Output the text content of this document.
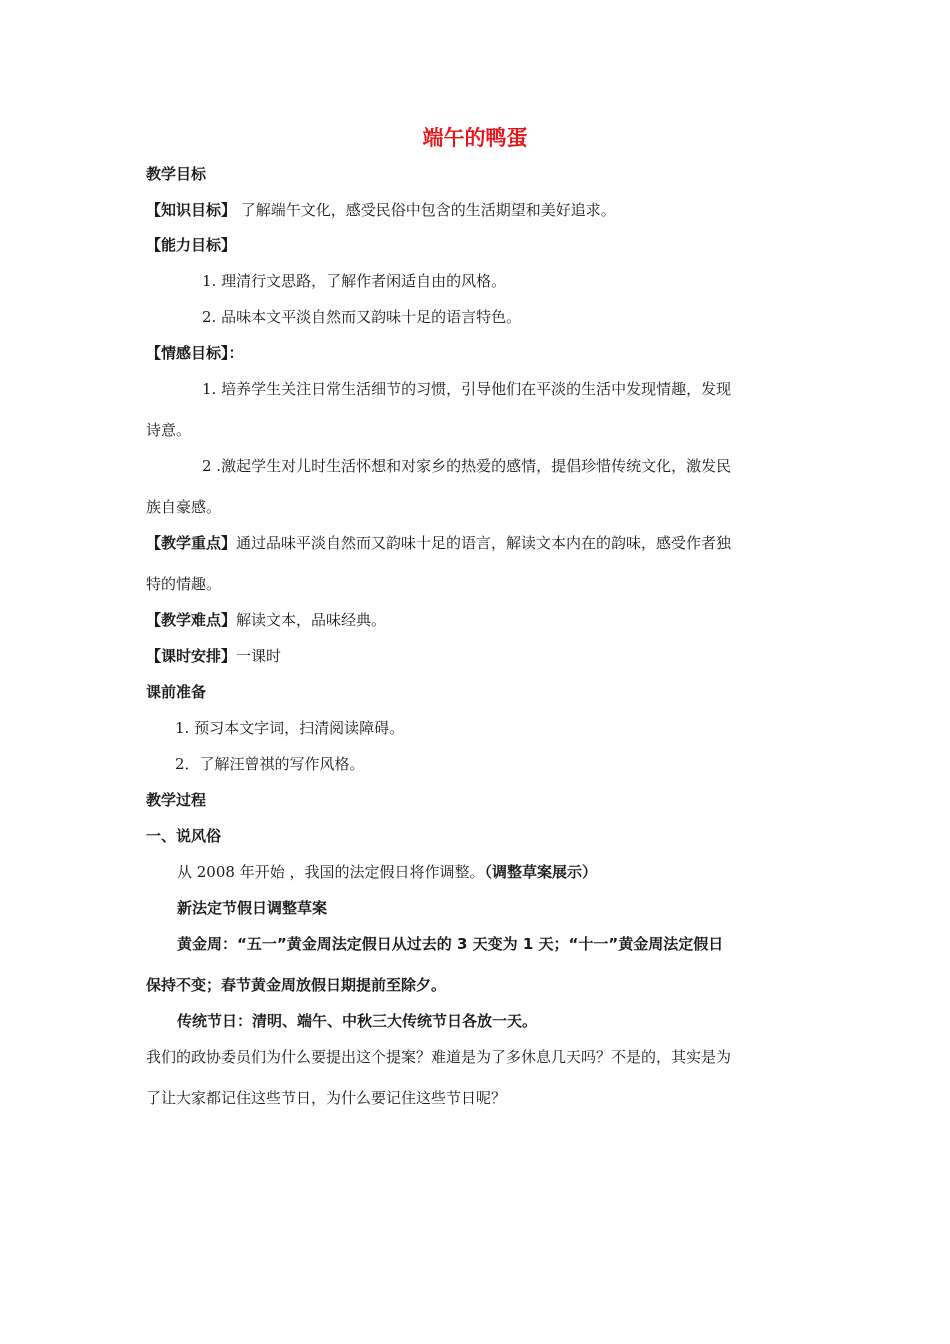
端午的鸭蛋
教学目标
【知识目标】 了解端午文化，感受民俗中包含的生活期望和美好追求。
【能力目标】
1. 理清行文思路，了解作者闲适自由的风格。
2. 品味本文平淡自然而又韵味十足的语言特色。
【情感目标】：
1. 培养学生关注日常生活细节的习惯，引导他们在平淡的生活中发现情趣，发现
诗意。
2 .激起学生对儿时生活怀想和对家乡的热爱的感情，提倡珍惜传统文化，激发民
族自豪感。
【教学重点】通过品味平淡自然而又韵味十足的语言，解读文本内在的韵味，感受作者独
特的情趣。
【教学难点】解读文本，品味经典。
【课时安排】一课时
课前准备
1. 预习本文字词，扫清阅读障碍。
2．了解汪曾祺的写作风格。
教学过程
一、说风俗
从 2008 年开始 ，我国的法定假日将作调整。（调整草案展示）
新法定节假日调整草案
黄金周：“五一”黄金周法定假日从过去的 3 天变为 1 天；“十一”黄金周法定假日
保持不变；春节黄金周放假日期提前至除夕。
传统节日：清明、端午、中秋三大传统节日各放一天。
我们的政协委员们为什么要提出这个提案？难道是为了多休息几天吗？不是的，其实是为
了让大家都记住这些节日，为什么要记住这些节日呢？
